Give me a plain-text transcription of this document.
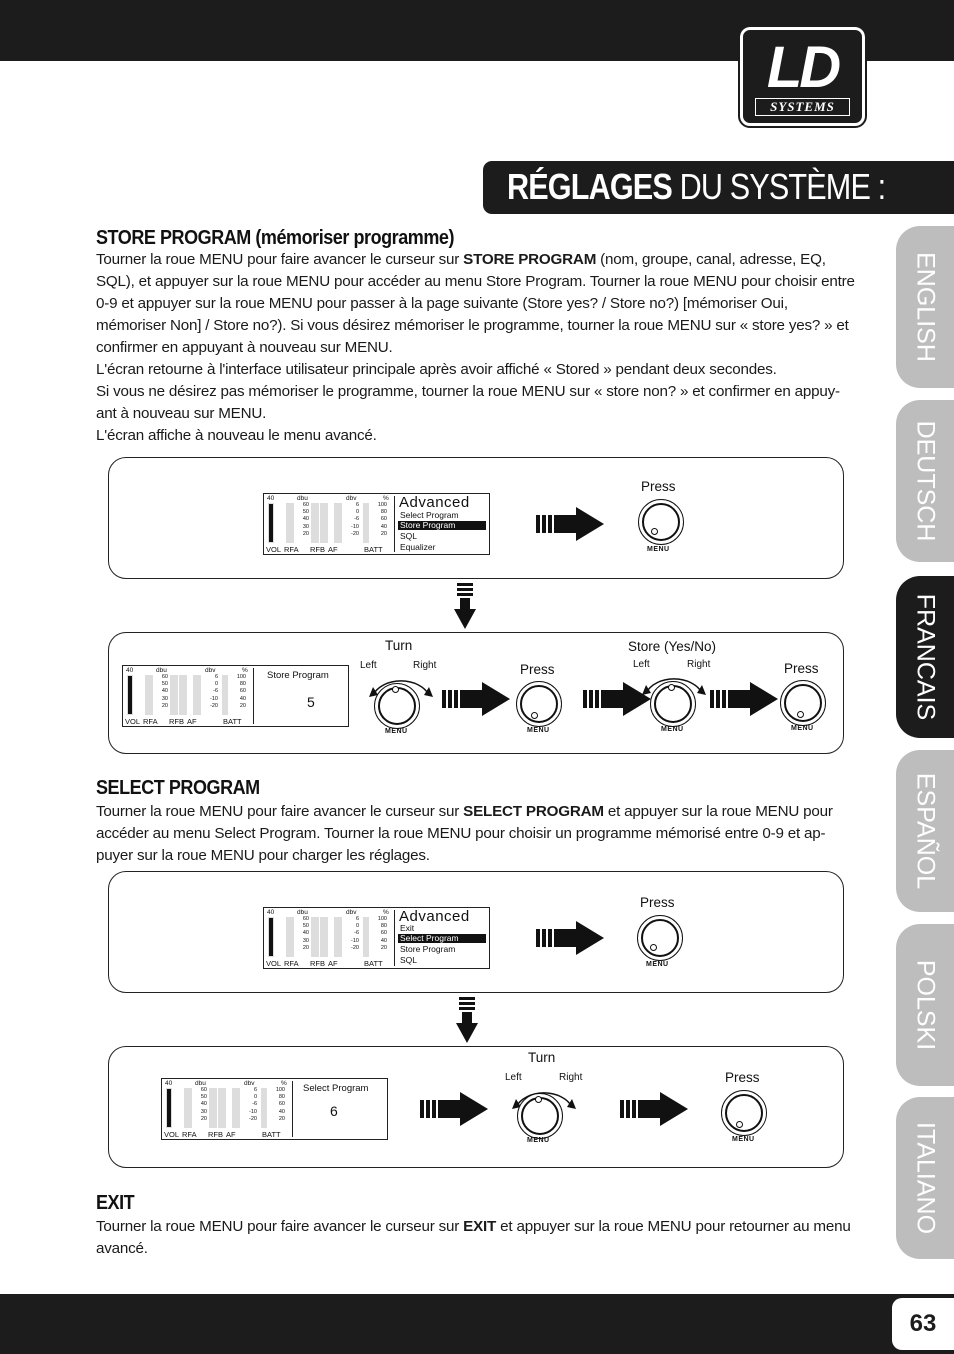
LD
SYSTEMS
RÉGLAGES DU SYSTÈME :
ENGLISH
DEUTSCH
FRANCAIS
ESPAÑOL
POLSKI
ITALIANO
STORE PROGRAM (mémoriser programme)
Tourner la roue MENU pour faire avancer le curseur sur STORE PROGRAM (nom, groupe, canal, adresse, EQ, SQL), et appuyer sur la roue MENU pour accéder au menu Store Program. Tourner la roue MENU pour choisir entre 0-9 et appuyer sur la roue MENU pour passer à la page suivante (Store yes? / Store no?) [mémoriser Oui, mémoriser Non] / Store no?). Si vous désirez mémoriser le programme, tourner la roue MENU sur « store yes? » et confirmer en appuyant à nouveau sur MENU.
L'écran retourne à l'interface utilisateur principale après avoir affiché « Stored » pendant deux secondes.
Si vous ne désirez pas mémoriser le programme, tourner la roue MENU sur « store non? » et confirmer en appuy-ant à nouveau sur MENU.
L'écran affiche à nouveau le menu avancé.
40	dbu
60
50
40
30
20
dbv
6
0
-6
-10
-20
%
100
80
60
40
20
VOL RFA RFB AF	BATT
Advanced
Select Program
Store Program
SQL
Equalizer
Press
MENU
40	dbu
60
50
40
30
20
dbv
6
0
-6
-10
-20
%
100
80
60
40
20
VOL RFA RFB AF	BATT
Store Program
5
Turn
Left	Right
MENU
Press
MENU
Store (Yes/No)
Left	Right
MENU
Press
MENU
SELECT PROGRAM
Tourner la roue MENU pour faire avancer le curseur sur SELECT PROGRAM et appuyer sur la roue MENU pour accéder au menu Select Program. Tourner la roue MENU pour choisir un programme mémorisé entre 0-9 et ap-puyer sur la roue MENU pour charger les réglages.
40	dbu
60
50
40
30
20
dbv
6
0
-6
-10
-20
%
100
80
60
40
20
VOL RFA RFB AF	BATT
Advanced
Exit
Select Program
Store Program
SQL
Press
MENU
40	dbu
60
50
40
30
20
dbv
6
0
-6
-10
-20
%
100
80
60
40
20
VOL RFA RFB AF	BATT
Select Program
6
Turn
Left	Right
MENU
Press
MENU
EXIT
Tourner la roue MENU pour faire avancer le curseur sur EXIT et appuyer sur la roue MENU pour retourner au menu avancé.
63
